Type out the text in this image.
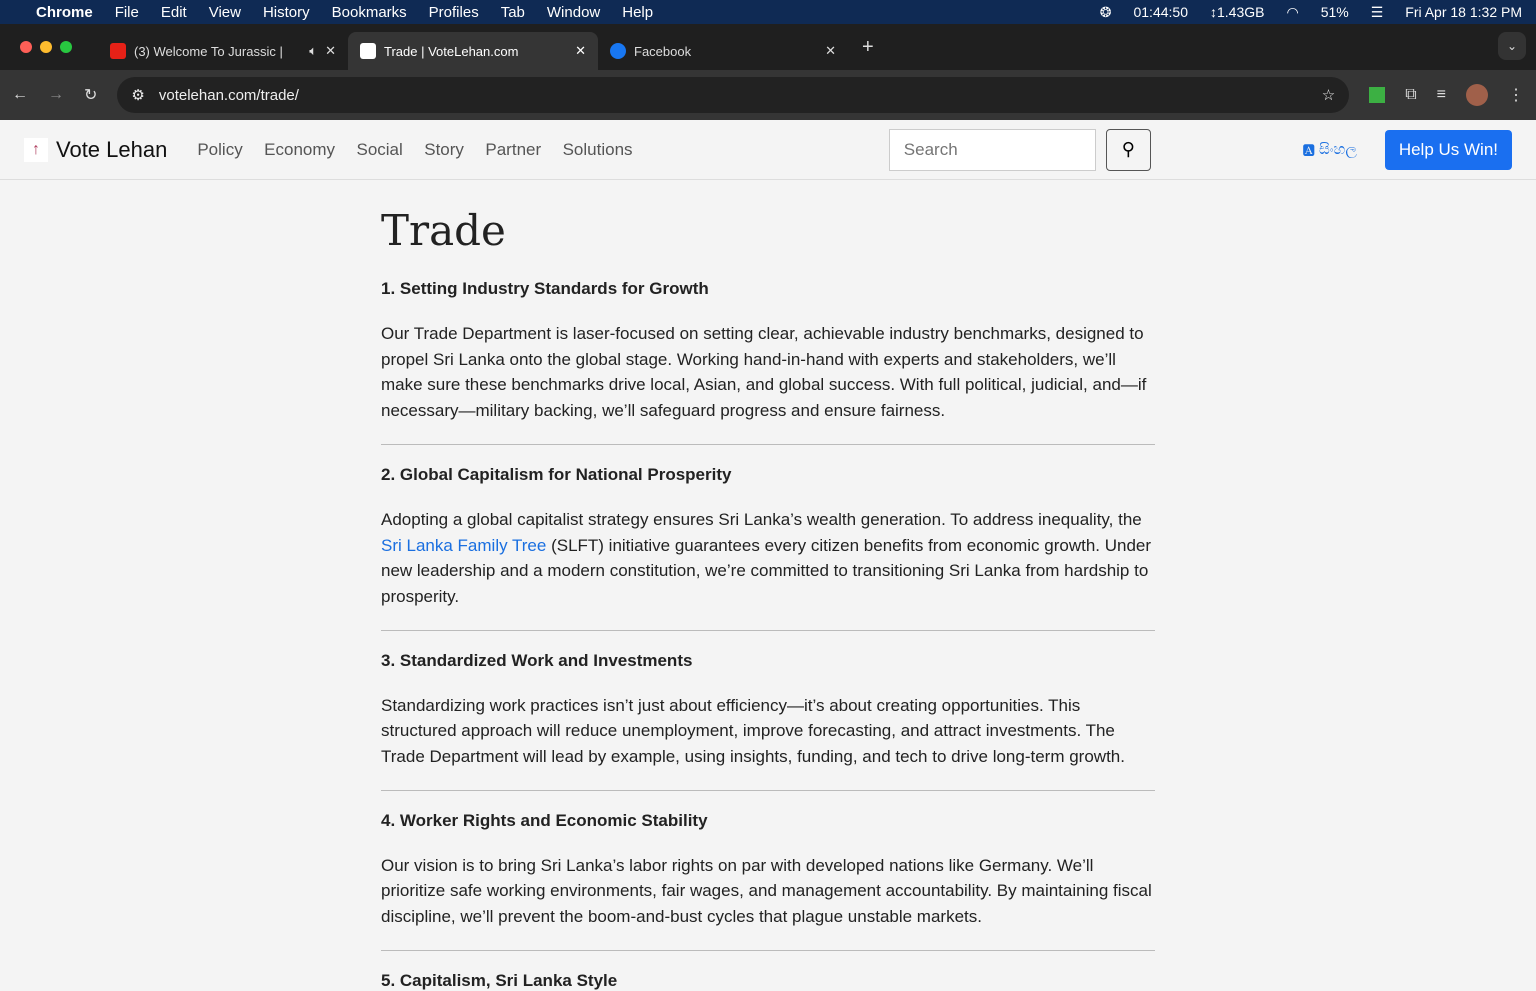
Chrome File Edit View History Bookmarks Profiles Tab Window Help	❂ 01:44:50 ↕1.43GB ◠ 51% ☰ Fri Apr 18 1:32 PM
(3) Welcome To Jurassic |	🔈︎ ✕	Trade | VoteLehan.com	✕	Facebook	✕ +	⌄
← → ↻ ⚙ votelehan.com/trade/	☆	⧉ ≡	⋮
↑ Vote Lehan Policy Economy Social Story Partner Solutions
Search	⚲	🅰 සිංහල	Help Us Win!
Trade
1. Setting Industry Standards for Growth

Our Trade Department is laser-focused on setting clear, achievable industry benchmarks, designed to propel Sri Lanka onto the global stage. Working hand-in-hand with experts and stakeholders, we’ll make sure these benchmarks drive local, Asian, and global success. With full political, judicial, and—if necessary—military backing, we’ll safeguard progress and ensure fairness.

2. Global Capitalism for National Prosperity

Adopting a global capitalist strategy ensures Sri Lanka’s wealth generation. To address inequality, the Sri Lanka Family Tree (SLFT) initiative guarantees every citizen benefits from economic growth. Under new leadership and a modern constitution, we’re committed to transitioning Sri Lanka from hardship to prosperity.

3. Standardized Work and Investments

Standardizing work practices isn’t just about efficiency—it’s about creating opportunities. This structured approach will reduce unemployment, improve forecasting, and attract investments. The Trade Department will lead by example, using insights, funding, and tech to drive long-term growth.

4. Worker Rights and Economic Stability

Our vision is to bring Sri Lanka’s labor rights on par with developed nations like Germany. We’ll prioritize safe working environments, fair wages, and management accountability. By maintaining fiscal discipline, we’ll prevent the boom-and-bust cycles that plague unstable markets.

5. Capitalism, Sri Lanka Style
